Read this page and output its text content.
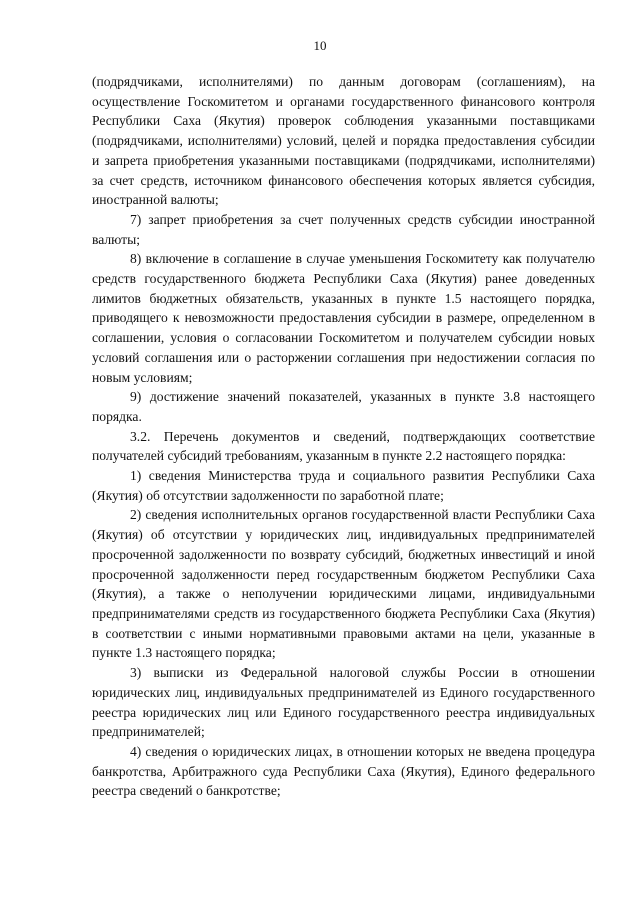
10

(подрядчиками, исполнителями) по данным договорам (соглашениям), на осуществление Госкомитетом и органами государственного финансового контроля Республики Саха (Якутия) проверок соблюдения указанными поставщиками (подрядчиками, исполнителями) условий, целей и порядка предоставления субсидии и запрета приобретения указанными поставщиками (подрядчиками, исполнителями) за счет средств, источником финансового обеспечения которых является субсидия, иностранной валюты;

7) запрет приобретения за счет полученных средств субсидии иностранной валюты;

8) включение в соглашение в случае уменьшения Госкомитету как получателю средств государственного бюджета Республики Саха (Якутия) ранее доведенных лимитов бюджетных обязательств, указанных в пункте 1.5 настоящего порядка, приводящего к невозможности предоставления субсидии в размере, определенном в соглашении, условия о согласовании Госкомитетом и получателем субсидии новых условий соглашения или о расторжении соглашения при недостижении согласия по новым условиям;

9) достижение значений показателей, указанных в пункте 3.8 настоящего порядка.

3.2. Перечень документов и сведений, подтверждающих соответствие получателей субсидий требованиям, указанным в пункте 2.2 настоящего порядка:

1) сведения Министерства труда и социального развития Республики Саха (Якутия) об отсутствии задолженности по заработной плате;

2) сведения исполнительных органов государственной власти Республики Саха (Якутия) об отсутствии у юридических лиц, индивидуальных предпринимателей просроченной задолженности по возврату субсидий, бюджетных инвестиций и иной просроченной задолженности перед государственным бюджетом Республики Саха (Якутия), а также о неполучении юридическими лицами, индивидуальными предпринимателями средств из государственного бюджета Республики Саха (Якутия) в соответствии с иными нормативными правовыми актами на цели, указанные в пункте 1.3 настоящего порядка;

3) выписки из Федеральной налоговой службы России в отношении юридических лиц, индивидуальных предпринимателей из Единого государственного реестра юридических лиц или Единого государственного реестра индивидуальных предпринимателей;

4) сведения о юридических лицах, в отношении которых не введена процедура банкротства, Арбитражного суда Республики Саха (Якутия), Единого федерального реестра сведений о банкротстве;
